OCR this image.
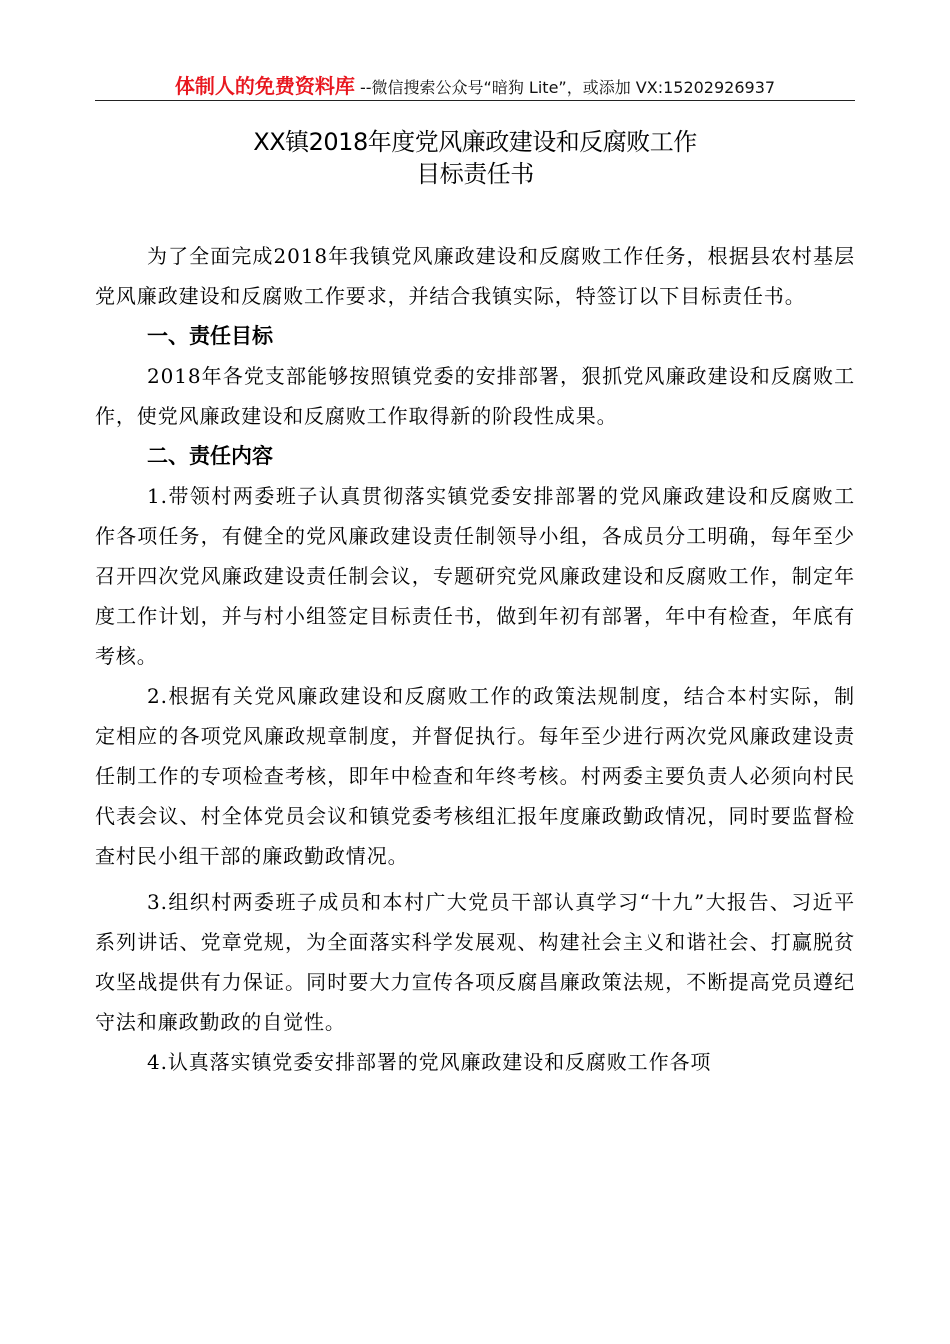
体制人的免费资料库 --微信搜索公众号“暗狗 Lite”，或添加 VX:15202926937
XX镇2018年度党风廉政建设和反腐败工作
目标责任书

为了全面完成2018年我镇党风廉政建设和反腐败工作任务，根据县农村基层党风廉政建设和反腐败工作要求，并结合我镇实际，特签订以下目标责任书。

一、责任目标

2018年各党支部能够按照镇党委的安排部署，狠抓党风廉政建设和反腐败工作，使党风廉政建设和反腐败工作取得新的阶段性成果。

二、责任内容

1.带领村两委班子认真贯彻落实镇党委安排部署的党风廉政建设和反腐败工作各项任务，有健全的党风廉政建设责任制领导小组，各成员分工明确，每年至少召开四次党风廉政建设责任制会议，专题研究党风廉政建设和反腐败工作，制定年度工作计划，并与村小组签定目标责任书，做到年初有部署，年中有检查，年底有考核。

2.根据有关党风廉政建设和反腐败工作的政策法规制度，结合本村实际，制定相应的各项党风廉政规章制度，并督促执行。每年至少进行两次党风廉政建设责任制工作的专项检查考核，即年中检查和年终考核。村两委主要负责人必须向村民代表会议、村全体党员会议和镇党委考核组汇报年度廉政勤政情况，同时要监督检查村民小组干部的廉政勤政情况。

3.组织村两委班子成员和本村广大党员干部认真学习“十九”大报告、习近平系列讲话、党章党规，为全面落实科学发展观、构建社会主义和谐社会、打赢脱贫攻坚战提供有力保证。同时要大力宣传各项反腐昌廉政策法规，不断提高党员遵纪守法和廉政勤政的自觉性。

4.认真落实镇党委安排部署的党风廉政建设和反腐败工作各项
